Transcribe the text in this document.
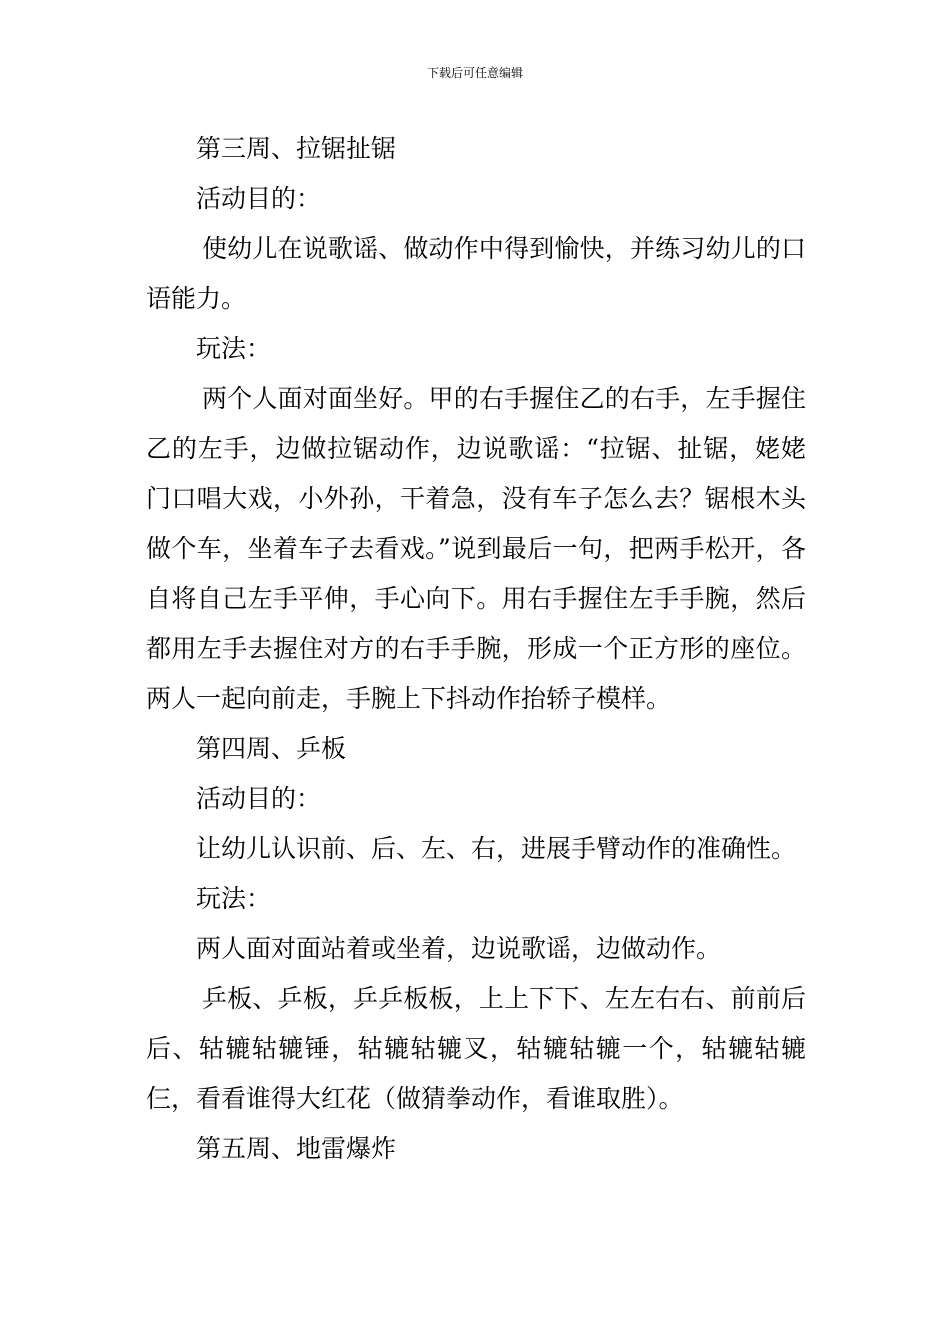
下载后可任意编辑

第三周、拉锯扯锯

活动目的：

使幼儿在说歌谣、做动作中得到愉快，并练习幼儿的口语能力。

玩法：

两个人面对面坐好。甲的右手握住乙的右手，左手握住乙的左手，边做拉锯动作，边说歌谣：“拉锯、扯锯，姥姥门口唱大戏，小外孙，干着急，没有车子怎么去？锯根木头做个车，坐着车子去看戏。”说到最后一句，把两手松开，各自将自己左手平伸，手心向下。用右手握住左手手腕，然后都用左手去握住对方的右手手腕，形成一个正方形的座位。两人一起向前走，手腕上下抖动作抬轿子模样。

第四周、乒板

活动目的：

让幼儿认识前、后、左、右，进展手臂动作的准确性。

玩法：

两人面对面站着或坐着，边说歌谣，边做动作。

乒板、乒板，乒乒板板，上上下下、左左右右、前前后后、轱辘轱辘锤，轱辘轱辘叉，轱辘轱辘一个，轱辘轱辘仨，看看谁得大红花（做猜拳动作，看谁取胜）。

第五周、地雷爆炸
